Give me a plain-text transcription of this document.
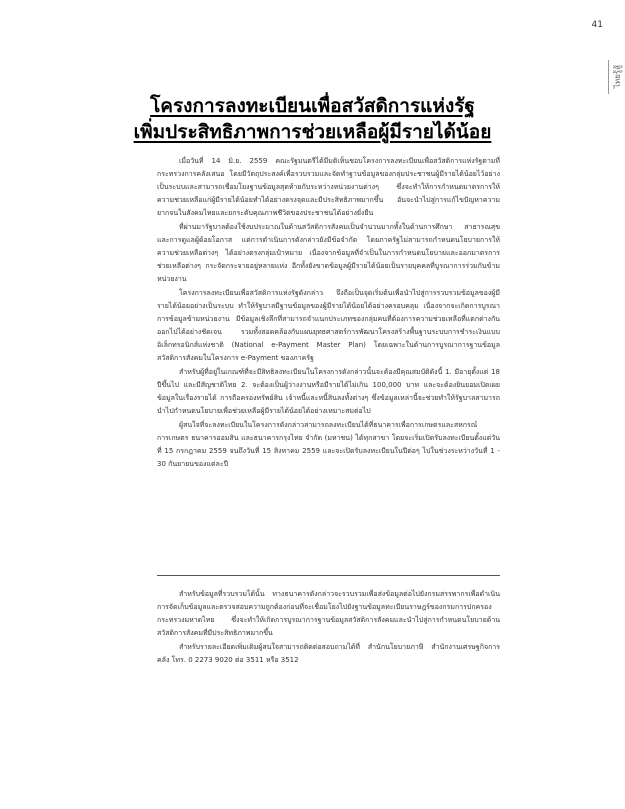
41
ไทยรู้สู้
โครงการลงทะเบียนเพื่อสวัสดิการแห่งรัฐ
เพิ่มประสิทธิภาพการช่วยเหลือผู้มีรายได้น้อย

เมื่อวันที่ 14 มิ.ย. 2559 คณะรัฐมนตรีได้มีมติเห็นชอบโครงการลงทะเบียนเพื่อสวัสดิการแห่งรัฐตามที่กระทรวงการคลังเสนอ โดยมีวัตถุประสงค์เพื่อรวบรวมและจัดทำฐานข้อมูลของกลุ่มประชาชนผู้มีรายได้น้อยไว้อย่างเป็นระบบและสามารถเชื่อมโยงฐานข้อมูลสุดท้ายกับระหว่างหน่วยงานต่างๆ ซึ่งจะทำให้การกำหนดมาตรการให้ความช่วยเหลือแก่ผู้มีรายได้น้อยทำได้อย่างตรงจุดและมีประสิทธิภาพมากขึ้น อันจะนำไปสู่การแก้ไขปัญหาความยากจนในสังคมไทยและยกระดับคุณภาพชีวิตของประชาชนได้อย่างยั่งยืน

ที่ผ่านมารัฐบาลต้องใช้งบประมาณในด้านสวัสดิการสังคมเป็นจำนวนมากทั้งในด้านการศึกษา สาธารณสุข และการดูแลผู้ด้อยโอกาส แต่การดำเนินการดังกล่าวยังมีข้อจำกัด โดยภาครัฐไม่สามารถกำหนดนโยบายการให้ความช่วยเหลือต่างๆ ได้อย่างตรงกลุ่มเป้าหมาย เนื่องจากข้อมูลที่จำเป็นในการกำหนดนโยบายและออกมาตรการช่วยเหลือต่างๆ กระจัดกระจายอยู่หลายแห่ง อีกทั้งยังขาดข้อมูลผู้มีรายได้น้อยเป็นรายบุคคลที่บูรณาการร่วมกันข้ามหน่วยงาน

โครงการลงทะเบียนเพื่อสวัสดิการแห่งรัฐดังกล่าว จึงถือเป็นจุดเริ่มต้นเพื่อนำไปสู่การรวบรวมข้อมูลของผู้มีรายได้น้อยอย่างเป็นระบบ ทำให้รัฐบาลมีฐานข้อมูลของผู้มีรายได้น้อยได้อย่างครอบคลุม เนื่องจากจะเกิดการบูรณาการข้อมูลข้ามหน่วยงาน มีข้อมูลเชิงลึกที่สามารถจำแนกประเภทของกลุ่มคนที่ต้องการความช่วยเหลือที่แตกต่างกันออกไปได้อย่างชัดเจน รวมทั้งสอดคล้องกับแผนยุทธศาสตร์การพัฒนาโครงสร้างพื้นฐานระบบการชำระเงินแบบอิเล็กทรอนิกส์แห่งชาติ (National e-Payment Master Plan) โดยเฉพาะในด้านการบูรณาการฐานข้อมูลสวัสดิการสังคมในโครงการ e-Payment ของภาครัฐ

สำหรับผู้ที่อยู่ในเกณฑ์ที่จะมีสิทธิลงทะเบียนในโครงการดังกล่าวนั้นจะต้องมีคุณสมบัติดังนี้ 1. มีอายุตั้งแต่ 18 ปีขึ้นไป และมีสัญชาติไทย 2. จะต้องเป็นผู้ว่างงานหรือมีรายได้ไม่เกิน 100,000 บาท และจะต้องยินยอมเปิดเผยข้อมูลในเรื่องรายได้ การถือครองทรัพย์สิน เจ้าหนี้และหนี้สินลงทั้งต่างๆ ซึ่งข้อมูลเหล่านี้จะช่วยทำให้รัฐบาลสามารถนำไปกำหนดนโยบายเพื่อช่วยเหลือผู้มีรายได้น้อยได้อย่างเหมาะสมต่อไป

ผู้สนใจที่จะลงทะเบียนในโครงการดังกล่าวสามารถลงทะเบียนได้ที่ธนาคารเพื่อการเกษตรและสหกรณ์การเกษตร ธนาคารออมสิน และธนาคารกรุงไทย จำกัด (มหาชน) ได้ทุกสาขา โดยจะเริ่มเปิดรับลงทะเบียนตั้งแต่วันที่ 15 กรกฎาคม 2559 จนถึงวันที่ 15 สิงหาคม 2559 และจะเปิดรับลงทะเบียนในปีต่อๆ ไปในช่วงระหว่างวันที่ 1 - 30 กันยายนของแต่ละปี

สำหรับข้อมูลที่รวบรวมได้นั้น ทางธนาคารดังกล่าวจะรวบรวมเพื่อส่งข้อมูลต่อไปยังกรมสรรพากรเพื่อดำเนินการจัดเก็บข้อมูลและตรวจสอบความถูกต้องก่อนที่จะเชื่อมโยงไปยังฐานข้อมูลทะเบียนราษฎร์ของกรมการปกครอง กระทรวงมหาดไทย ซึ่งจะทำให้เกิดการบูรณาการฐานข้อมูลสวัสดิการสังคมและนำไปสู่การกำหนดนโยบายด้านสวัสดิการสังคมที่มีประสิทธิภาพมากขึ้น

สำหรับรายละเอียดเพิ่มเติมผู้สนใจสามารถติดต่อสอบถามได้ที่ สำนักนโยบายภาษี สำนักงานเศรษฐกิจการคลัง โทร. 0 2273 9020 ต่อ 3511 หรือ 3512
